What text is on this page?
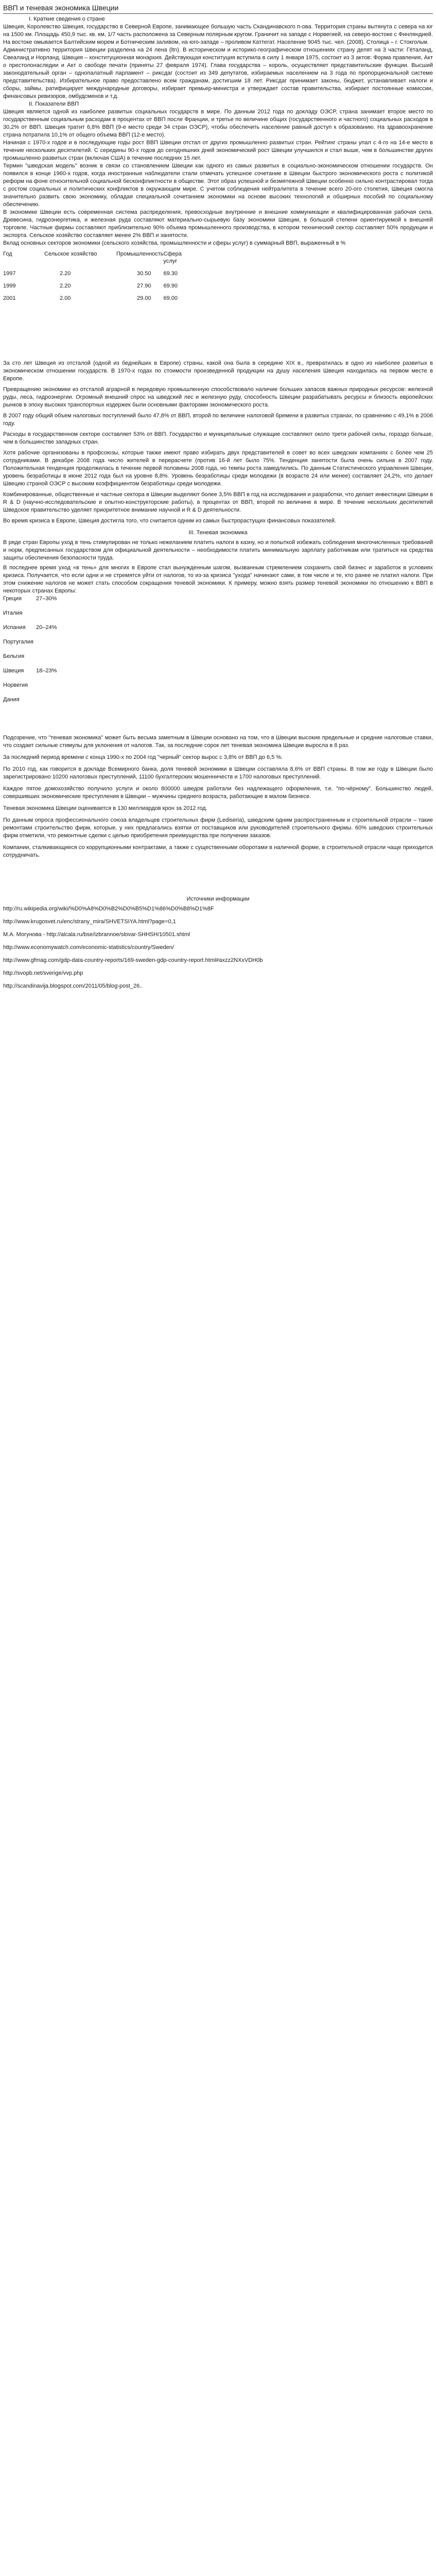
ВВП и теневая экономика Швеции
I. Краткие сведения о стране

Швеция, Королевство Швеция, государство в Северной Европе, занимающее большую часть Скандинавского п-ова. Территория страны вытянута с севера на юг на 1500 км. Площадь 450,9 тыс. кв. км, 1/7 часть расположена за Северным полярным кругом. Граничит на западе с Норвегией, на северо-востоке с Финляндией. На востоке омывается Балтийским морем и Ботническим заливом, на юго-западе – проливом Каттегат. Население 9045 тыс. чел. (2008). Столица – г. Стокгольм.

Административно территория Швеции разделена на 24 лена (ltn). В историческом и историко-географическом отношениях страну делят на 3 части: Гёталанд, Свеаланд и Норланд. Швеция – конституционная монархия. Действующая конституция вступила в силу 1 января 1975, состоит из 3 актов: Форма правления, Акт о престолонаследии и Акт о свободе печати (приняты 27 февраля 1974). Глава государства – король, осуществляет представительские функции. Высший законодательный орган – однопалатный парламент – риксдаг (состоит из 349 депутатов, избираемых населением на 3 года по пропорциональной системе представительства). Избирательное право предоставлено всем гражданам, достигшим 18 лет. Риксдаг принимает законы, бюджет, устанавливает налоги и сборы, займы, ратифицирует международные договоры, избирает премьер-министра и утверждает состав правительства, избирает постоянные комиссии, финансовых ревизоров, омбудсменов и т.д.

II. Показатели ВВП

Швеция является одной из наиболее развитых социальных государств в мире. По данным 2012 года по докладу ОЭСР, страна занимает второе место по государственным социальным расходам в процентах от ВВП после Франции, и третье по величине общих (государственного и частного) социальных расходов в 30,2% от ВВП. Швеция тратит 6,8% ВВП (9-е место среди 34 стран ОЭСР), чтобы обеспечить население равный доступ к образованию. На здравоохранение страна потратила 10,1% от общего объема ВВП (12-е место).

Начиная с 1970-х годов и в последующие годы рост ВВП Швеции отстал от других промышленно развитых стран. Рейтинг страны упал с 4-го на 14-е место в течение нескольких десятилетий. С середины 90-х годов до сегодняшних дней экономический рост Швеции улучшился и стал выше, чем в большинстве других промышленно развитых стран (включая США) в течение последних 15 лет.

Термин "шведская модель" возник в связи со становлением Швеции как одного из самых развитых в социально-экономическом отношении государств. Он появился в конце 1960-х годов, когда иностранные наблюдатели стали отмечать успешное сочетание в Швеции быстрого экономического роста с политикой реформ на фоне относительной социальной бесконфликтности в обществе. Этот образ успешной и безмятежной Швеции особенно сильно контрастировал тогда с ростом социальных и политических конфликтов в окружающем мире. С учетом соблюдения нейтралитета в течение всего 20-ого столетия, Швеция смогла значительно развить свою экономику, обладая специальной сочетанием экономики на основе высоких технологий и обширных пособий по социальному обеспечению.

В экономике Швеции есть современная система распределения, превосходные внутренние и внешние коммуникации и квалифицированная рабочая сила. Древесина, гидроэнергетика, и железная руда составляют материально-сырьевую базу экономики Швеции, в большой степени ориентируемой к внешней торговле. Частные фирмы составляют приблизительно 90% объема промышленного производства, в котором технический сектор составляет 50% продукции и экспорта. Сельское хозяйство составляет менее 2% ВВП и занятости.

Вклад основных секторов экономики (сельского хозяйства, промышленности и сферы услуг) в суммарный ВВП, выраженный в %

Год	Сельское хозяйство	Промышленность	Сфера услуг
1997	2.20	30.50	69.30
1999	2.20	27.90	69.90
2001	2.00	29.00	69.00

За сто лет Швеция из отсталой (одной из беднейших в Европе) страны, какой она была в середине XIX в., превратилась в одно из наиболее развитых в экономическом отношении государств. В 1970-х годах по стоимости произведенной продукции на душу населения Швеция находилась на первом месте в Европе.

Превращению экономики из отсталой аграрной в передовую промышленную способствовало наличие больших запасов важных природных ресурсов: железной руды, леса, гидроэнергии. Огромный внешний спрос на шведский лес и железную руду, способность Швеции разрабатывать ресурсы и близость европейских рынков в эпоху высоких транспортных издержек были основными факторами экономического роста.

В 2007 году общий объем налоговых поступлений было 47,8% от ВВП, второй по величине налоговой бремени в развитых странах, по сравнению с 49,1% в 2006 году.

Расходы в государственном секторе составляет 53% от ВВП. Государство и муниципальные служащие составляют около трети рабочей силы, гораздо больше, чем в большинстве западных стран.

Хотя рабочие организованы в профсоюзы, которые также имеют право избирать двух представителей в совет во всех шведских компаниях с более чем 25 сотрудниками. В декабре 2008 года число жителей в перерасчете (против 16-й лет было 75%. Тенденция занятости была очень сильна в 2007 году. Положительная тенденция продолжилась в течение первой половины 2008 года, но темпы роста замедлились. По данным Статистического управления Швеции, уровень безработицы в июне 2012 года был на уровне 8,8%. Уровень безработицы среди молодежи (в возрасте 24 или менее) составляет 24,2%, что делает Швецию страной ОЭСР с высоким коэффициентом безработицы среди молодежи.

Комбинированные, общественные и частные сектора в Швеции выделяют более 3,5% ВВП в год на исследования и разработки, что делает инвестиции Швеции в R & D (научно-исследовательские и опытно-конструкторские работы), в процентах от ВВП, второй по величине в мире. В течение нескольких десятилетий Шведское правительство уделяет приоритетное внимание научной и R & D деятельности.

Во время кризиса в Европе, Швеция достигла того, что считается одним из самых быстрорастущих финансовых показателей.

III. Теневая экономика

В ряде стран Европы уход в тень стимулирован не только нежеланием платить налоги в казну, но и попыткой избежать соблюдения многочисленных требований и норм, предписанных государством для официальной деятельности – необходимости платить минимальную зарплату работникам или тратиться на средства защиты обеспечения безопасности труда.

В последнее время уход «в тень» для многих в Европе стал вынужденным шагом, вызванным стремлением сохранить свой бизнес и заработок в условиях кризиса. Получается, что если одни и не стремятся уйти от налогов, то из-за кризиса "ухода" начинают сами, в том числе и те, кто ранее не платил налоги. При этом снижение налогов не может стать способом сокращения теневой экономики. К примеру, можно взять размер теневой экономики по отношению к ВВП в некоторых странах Европы:

Греция	27–30%
Италия	
Испания	20–24%
Португалия	
Бельгия	
Швеция	18–23%
Норвегия	
Дания	

Подозрение, что "теневая экономика" может быть весьма заметным в Швеции основано на том, что в Швеции высокие предельные и средние налоговые ставки, что создает сильные стимулы для уклонения от налогов. Так, за последние сорок лет теневая экономика Швеции выросла в 8 раз.

За последний период времени с конца 1990-х по 2004 год "черный" сектор вырос с 3,8% от ВВП до 6,5 %.

По 2010 год, как говорится в докладе Всемирного банка, доля теневой экономики в Швеции составляла 8,6% от ВВП страны. В том же году в Швеции было зарегистрировано 10200 налоговых преступлений, 11100 бухгалтерских мошенничеств и 1700 налоговых преступлений.

Каждое пятое домохозяйство получило услуги и около 800000 шведов работали без надлежащего оформления, т.е. "по-чёрному". Большинство людей, совершивших экономические преступления в Швеции – мужчины среднего возраста, работающие в малом бизнесе.

Теневая экономика Швеции оценивается в 130 миллиардов крон за 2012 год.

По данным опроса профессионального союза владельцев строительных фирм (Lediseria), шведским одним распространенным и строительной отрасли – такие ремонтами строительство фирм, которые, у них предлагались взятки от поставщиков или руководителей строительного фирмы. 60% шведских строительных фирм отметили, что ремонтные сделки с целью приобретения преимущества при получении заказов.

Компании, сталкивающиеся со коррупционными контрактами, а также с существенными оборотами в наличной форме, в строительной отрасли чаще приходится сотрудничать.

Источники информации
http://ru.wikipedia.org/wiki/%D0%A8%D0%B2%D0%B5%D1%86%D0%B8%D1%8F
http://www.krugosvet.ru/enc/strany_mira/SHVETSIYA.html?page=0,1
М.А. Могунова - http://alcala.ru/bse/izbrannoe/slovar-SHHSH/10501.shtml
http://www.economywatch.com/economic-statistics/country/Sweden/
http://www.gfmag.com/gdp-data-country-reports/169-sweden-gdp-country-report.html#axzz2NXxVDH0b
http://svopb.net/sverige/vvp.php
http://scandinavija.blogspot.com/2011/05/blog-post_26..
